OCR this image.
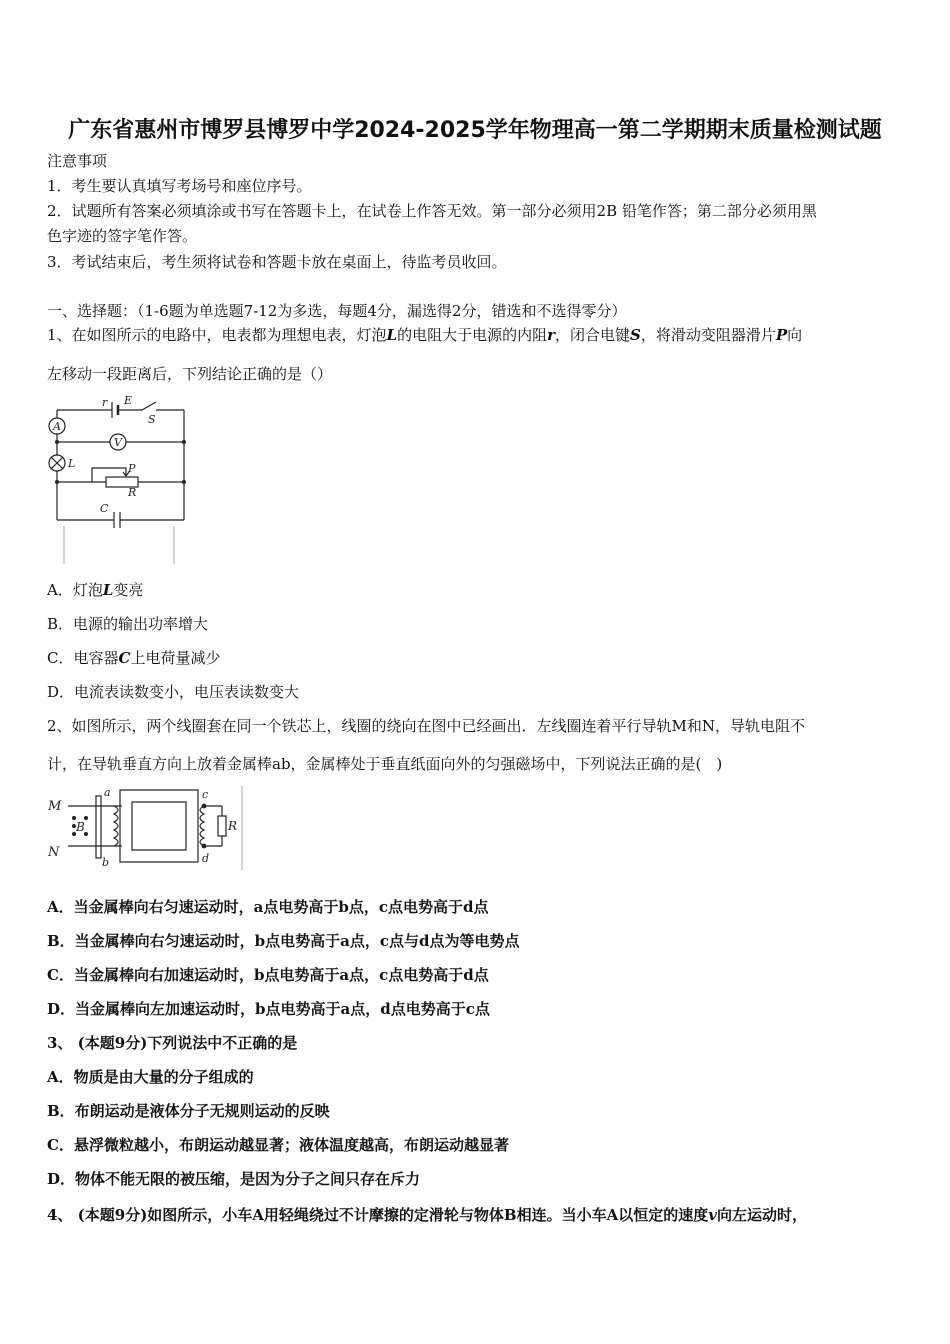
广东省惠州市博罗县博罗中学2024-2025学年物理高一第二学期期末质量检测试题
注意事项
1．考生要认真填写考场号和座位序号。
2．试题所有答案必须填涂或书写在答题卡上，在试卷上作答无效。第一部分必须用2B 铅笔作答；第二部分必须用黑
色字迹的签字笔作答。
3．考试结束后，考生须将试卷和答题卡放在桌面上，待监考员收回。
一、选择题：（1-6题为单选题7-12为多选，每题4分，漏选得2分，错选和不选得零分）
1、在如图所示的电路中，电表都为理想电表，灯泡L的电阻大于电源的内阻r，闭合电键S，将滑动变阻器滑片P向
左移动一段距离后，下列结论正确的是（）
r E
S
A
V
L	P
R
C
A．灯泡L变亮
B．电源的输出功率增大
C．电容器C上电荷量减少
D．电流表读数变小，电压表读数变大
2、如图所示，两个线圈套在同一个铁芯上，线圈的绕向在图中已经画出．左线圈连着平行导轨M和N，导轨电阻不
计，在导轨垂直方向上放着金属棒ab，金属棒处于垂直纸面向外的匀强磁场中，下列说法正确的是(　)
M
N
B
a
b
c
d
R
A．当金属棒向右匀速运动时，a点电势高于b点，c点电势高于d点
B．当金属棒向右匀速运动时，b点电势高于a点，c点与d点为等电势点
C．当金属棒向右加速运动时，b点电势高于a点，c点电势高于d点
D．当金属棒向左加速运动时，b点电势高于a点，d点电势高于c点
3、 (本题9分)下列说法中不正确的是
A．物质是由大量的分子组成的
B．布朗运动是液体分子无规则运动的反映
C．悬浮微粒越小，布朗运动越显著；液体温度越高，布朗运动越显著
D．物体不能无限的被压缩，是因为分子之间只存在斥力
4、 (本题9分)如图所示，小车A用轻绳绕过不计摩擦的定滑轮与物体B相连。当小车A以恒定的速度v向左运动时，
